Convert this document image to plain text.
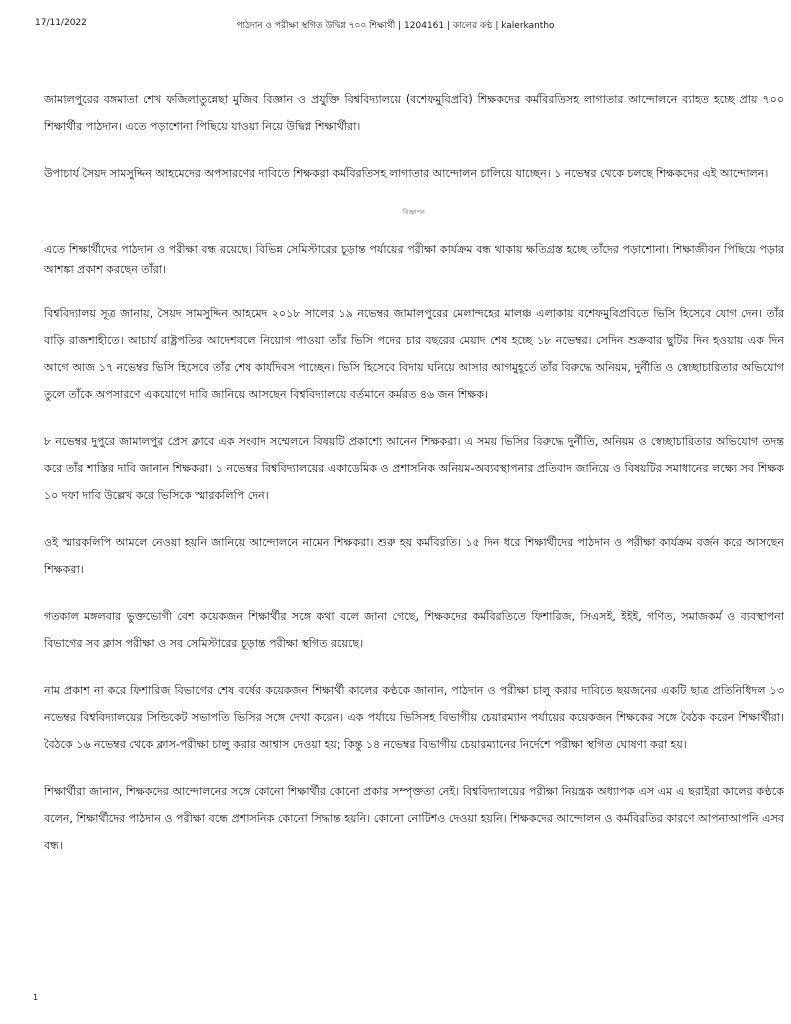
17/11/2022	পাঠদান ও পরীক্ষা স্থগিত উদ্বিগ্ন ৭০০ শিক্ষার্থী | 1204161 | কালের কণ্ঠ | kalerkantho

জামালপুরের বঙ্গমাতা শেখ ফজিলাতুন্নেছা মুজিব বিজ্ঞান ও প্রযুক্তি বিশ্ববিদ্যালয়ে (বশেফমুবিপ্রবি) শিক্ষকদের কর্মবিরতিসহ লাগাতার আন্দোলনে ব্যাহত হচ্ছে প্রায় ৭০০ শিক্ষার্থীর পাঠদান। এতে পড়াশোনা পিছিয়ে যাওয়া নিয়ে উদ্বিগ্ন শিক্ষার্থীরা।

উপাচার্য সৈয়দ সামসুদ্দিন আহমেদের অপসারণের দাবিতে শিক্ষকরা কর্মবিরতিসহ লাগাতার আন্দোলন চালিয়ে যাচ্ছেন। ১ নভেম্বর থেকে চলছে শিক্ষকদের এই আন্দোলন।

বিজ্ঞাপন

এতে শিক্ষার্থীদের পাঠদান ও পরীক্ষা বন্ধ রয়েছে। বিভিন্ন সেমিস্টারের চূড়ান্ত পর্যায়ের পরীক্ষা কার্যক্রম বন্ধ থাকায় ক্ষতিগ্রস্ত হচ্ছে তাঁদের পড়াশোনা। শিক্ষাজীবন পিছিয়ে পড়ার আশঙ্কা প্রকাশ করছেন তাঁরা।

বিশ্ববিদ্যালয় সূত্র জানায়, সৈয়দ সামসুদ্দিন আহমেদ ২০১৮ সালের ১৯ নভেম্বর জামালপুরের মেলান্দহের মালঞ্চ এলাকায় বশেফমুবিপ্রবিতে ভিসি হিসেবে যোগ দেন। তাঁর বাড়ি রাজশাহীতে। আচার্য রাষ্ট্রপতির আদেশবলে নিয়োগ পাওয়া তাঁর ভিসি পদের চার বছরের মেয়াদ শেষ হচ্ছে ১৮ নভেম্বর। সেদিন শুক্রবার ছুটির দিন হওয়ায় এক দিন আগে আজ ১৭ নভেম্বর ভিসি হিসেবে তাঁর শেষ কার্যদিবস পাচ্ছেন। ভিসি হিসেবে বিদায় ঘনিয়ে আসার আগমুহূর্তে তাঁর বিরুদ্ধে অনিয়ম, দুর্নীতি ও স্বেচ্ছাচারিতার অভিযোগ তুলে তাঁকে অপসারণে একযোগে দাবি জানিয়ে আসছেন বিশ্ববিদ্যালয়ে বর্তমানে কর্মরত ৪৬ জন শিক্ষক।

৮ নভেম্বর দুপুরে জামালপুর প্রেস ক্লাবে এক সংবাদ সম্মেলনে বিষয়টি প্রকাশ্যে আনেন শিক্ষকরা। এ সময় ভিসির বিরুদ্ধে দুর্নীতি, অনিয়ম ও স্বেচ্ছাচারিতার অভিযোগ তদন্ত করে তাঁর শাস্তির দাবি জানান শিক্ষকরা। ১ নভেম্বর বিশ্ববিদ্যালয়ের একাডেমিক ও প্রশাসনিক অনিয়ম-অব্যবস্থাপনার প্রতিবাদ জানিয়ে ও বিষয়টির সমাধানের লক্ষ্যে সব শিক্ষক ১০ দফা দাবি উল্লেখ করে ভিসিকে স্মারকলিপি দেন।

ওই স্মারকলিপি আমলে নেওয়া হয়নি জানিয়ে আন্দোলনে নামেন শিক্ষকরা। শুরু হয় কর্মবিরতি। ১৫ দিন ধরে শিক্ষার্থীদের পাঠদান ও পরীক্ষা কার্যক্রম বর্জন করে আসছেন শিক্ষকরা।

গতকাল মঙ্গলবার ভুক্তভোগী বেশ কয়েকজন শিক্ষার্থীর সঙ্গে কথা বলে জানা গেছে, শিক্ষকদের কর্মবিরতিতে ফিশারিজ, সিএসই, ইইই, গণিত, সমাজকর্ম ও ব্যবস্থাপনা বিভাগের সব ক্লাস পরীক্ষা ও সব সেমিস্টারের চূড়ান্ত পরীক্ষা স্থগিত রয়েছে।

নাম প্রকাশ না করে ফিশারিজ বিভাগের শেষ বর্ষের কয়েকজন শিক্ষার্থী কালের কণ্ঠকে জানান, পাঠদান ও পরীক্ষা চালু করার দাবিতে ছয়জনের একটি ছাত্র প্রতিনিধিদল ১৩ নভেম্বর বিশ্ববিদ্যালয়ের সিন্ডিকেট সভাপতি ভিসির সঙ্গে দেখা করেন। এক পর্যায়ে ভিসিসহ বিভাগীয় চেয়ারম্যান পর্যায়ের কয়েকজন শিক্ষকের সঙ্গে বৈঠক করেন শিক্ষার্থীরা। বৈঠকে ১৬ নভেম্বর থেকে ক্লাস-পরীক্ষা চালু করার আশ্বাস দেওয়া হয়; কিন্তু ১৪ নভেম্বর বিভাগীয় চেয়ারম্যানের নির্দেশে পরীক্ষা স্থগিত ঘোষণা করা হয়।

শিক্ষার্থীরা জানান, শিক্ষকদের আন্দোলনের সঙ্গে কোনো শিক্ষার্থীর কোনো প্রকার সম্পৃক্ততা নেই। বিশ্ববিদ্যালয়ের পরীক্ষা নিয়ন্ত্রক অধ্যাপক এস এম এ ছরাইরা কালের কণ্ঠকে বলেন, শিক্ষার্থীদের পাঠদান ও পরীক্ষা বন্ধে প্রশাসনিক কোনো সিদ্ধান্ত হয়নি। কোনো নোটিশও দেওয়া হয়নি। শিক্ষকদের আন্দোলন ও কর্মবিরতির কারণে আপনাআপনি এসব বন্ধ।

1
